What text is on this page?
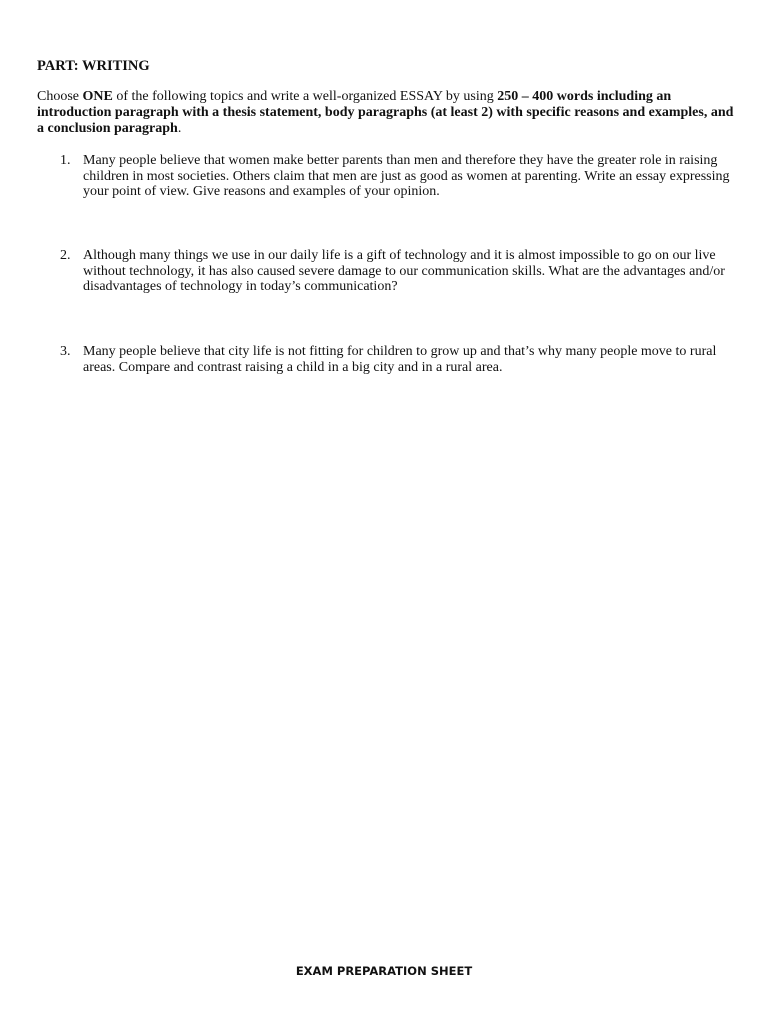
PART: WRITING

Choose ONE of the following topics and write a well-organized ESSAY by using 250 – 400 words including an introduction paragraph with a thesis statement, body paragraphs (at least 2) with specific reasons and examples, and a conclusion paragraph.

1. Many people believe that women make better parents than men and therefore they have the greater role in raising children in most societies. Others claim that men are just as good as women at parenting. Write an essay expressing your point of view. Give reasons and examples of your opinion.
2. Although many things we use in our daily life is a gift of technology and it is almost impossible to go on our live without technology, it has also caused severe damage to our communication skills. What are the advantages and/or disadvantages of technology in today’s communication?
3. Many people believe that city life is not fitting for children to grow up and that’s why many people move to rural areas. Compare and contrast raising a child in a big city and in a rural area.
EXAM PREPARATION SHEET
